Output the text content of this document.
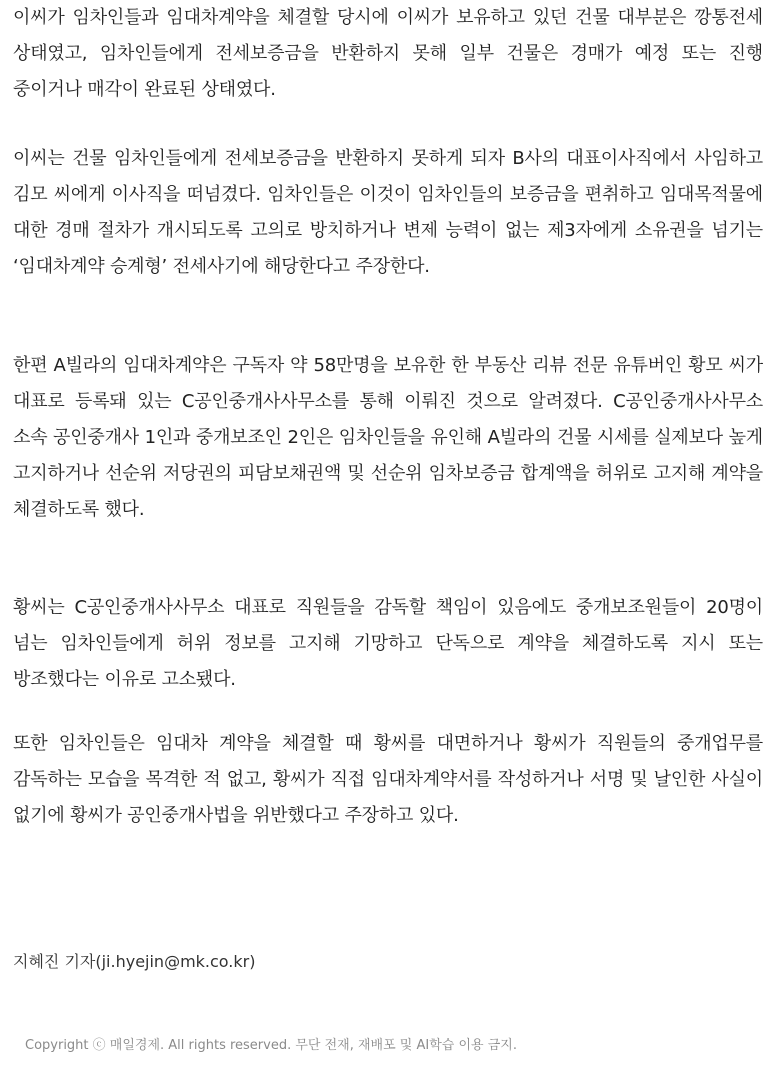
이씨가 임차인들과 임대차계약을 체결할 당시에 이씨가 보유하고 있던 건물 대부분은 깡통전세 상태였고, 임차인들에게 전세보증금을 반환하지 못해 일부 건물은 경매가 예정 또는 진행 중이거나 매각이 완료된 상태였다.

이씨는 건물 임차인들에게 전세보증금을 반환하지 못하게 되자 B사의 대표이사직에서 사임하고 김모 씨에게 이사직을 떠넘겼다. 임차인들은 이것이 임차인들의 보증금을 편취하고 임대목적물에 대한 경매 절차가 개시되도록 고의로 방치하거나 변제 능력이 없는 제3자에게 소유권을 넘기는 ‘임대차계약 승계형’ 전세사기에 해당한다고 주장한다.

한편 A빌라의 임대차계약은 구독자 약 58만명을 보유한 한 부동산 리뷰 전문 유튜버인 황모 씨가 대표로 등록돼 있는 C공인중개사사무소를 통해 이뤄진 것으로 알려졌다. C공인중개사사무소 소속 공인중개사 1인과 중개보조인 2인은 임차인들을 유인해 A빌라의 건물 시세를 실제보다 높게 고지하거나 선순위 저당권의 피담보채권액 및 선순위 임차보증금 합계액을 허위로 고지해 계약을 체결하도록 했다.

황씨는 C공인중개사사무소 대표로 직원들을 감독할 책임이 있음에도 중개보조원들이 20명이 넘는 임차인들에게 허위 정보를 고지해 기망하고 단독으로 계약을 체결하도록 지시 또는 방조했다는 이유로 고소됐다.

또한 임차인들은 임대차 계약을 체결할 때 황씨를 대면하거나 황씨가 직원들의 중개업무를 감독하는 모습을 목격한 적 없고, 황씨가 직접 임대차계약서를 작성하거나 서명 및 날인한 사실이 없기에 황씨가 공인중개사법을 위반했다고 주장하고 있다.

지혜진 기자(ji.hyejin@mk.co.kr)

Copyright ⓒ 매일경제. All rights reserved. 무단 전재, 재배포 및 AI학습 이용 금지.
